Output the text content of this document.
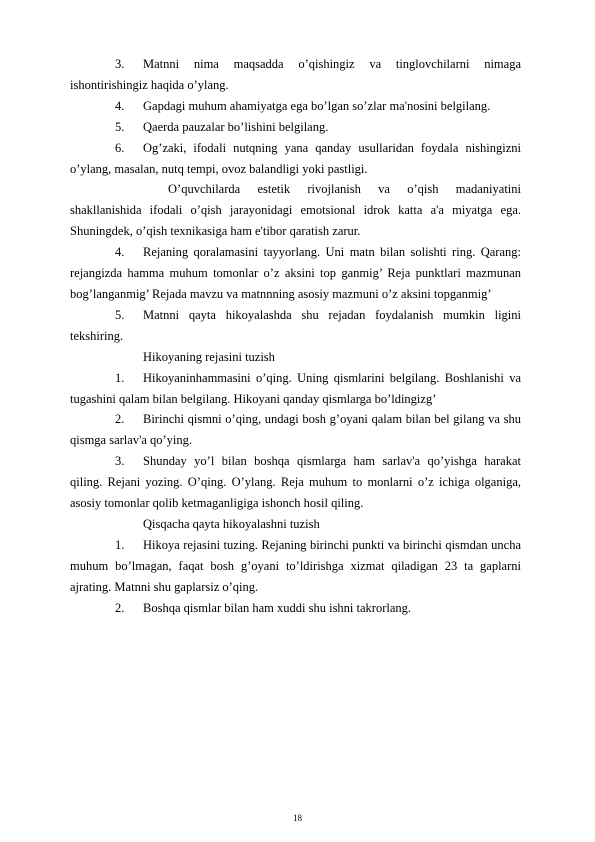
3. Matnni nima maqsadda o’qishingiz va tinglovchilarni nimaga ishontirishingiz haqida o’ylang.

4. Gapdagi muhum ahamiyatga ega bo’lgan so’zlar ma'nosini belgilang.

5. Qaerda pauzalar bo’lishini belgilang.

6. Og’zaki, ifodali nutqning yana qanday usullaridan foydala nishingizni o’ylang, masalan, nutq tempi, ovoz balandligi yoki pastligi.

O’quvchilarda estetik rivojlanish va o’qish madaniyatini shakllanishida ifodali o’qish jarayonidagi emotsional idrok katta a'a miyatga ega. Shuningdek, o’qish texnikasiga ham e'tibor qaratish zarur.

4. Rejaning qoralamasini tayyorlang. Uni matn bilan solishti ring. Qarang: rejangizda hamma muhum tomonlar o’z aksini top ganmig’ Reja punktlari mazmunan bog’langanmig’ Rejada mavzu va matnnning asosiy mazmuni o’z aksini topganmig’

5. Matnni qayta hikoyalashda shu rejadan foydalanish mumkin ligini tekshiring.

Hikoyaning rejasini tuzish

1. Hikoyaninhammasini o’qing. Uning qismlarini belgilang. Boshlanishi va tugashini qalam bilan belgilang. Hikoyani qanday qismlarga bo’ldingizg’

2. Birinchi qismni o’qing, undagi bosh g’oyani qalam bilan bel gilang va shu qismga sarlav'a qo’ying.

3. Shunday yo’l bilan boshqa qismlarga ham sarlav'a qo’yishga harakat qiling. Rejani yozing. O’qing. O’ylang. Reja muhum to monlarni o’z ichiga olganiga, asosiy tomonlar qolib ketmaganligiga ishonch hosil qiling.

Qisqacha qayta hikoyalashni tuzish

1. Hikoya rejasini tuzing. Rejaning birinchi punkti va birinchi qismdan uncha muhum bo’lmagan, faqat bosh g’oyani to’ldirishga xizmat qiladigan 23 ta gaplarni ajrating. Matnni shu gaplarsiz o’qing.

2. Boshqa qismlar bilan ham xuddi shu ishni takrorlang.

18
